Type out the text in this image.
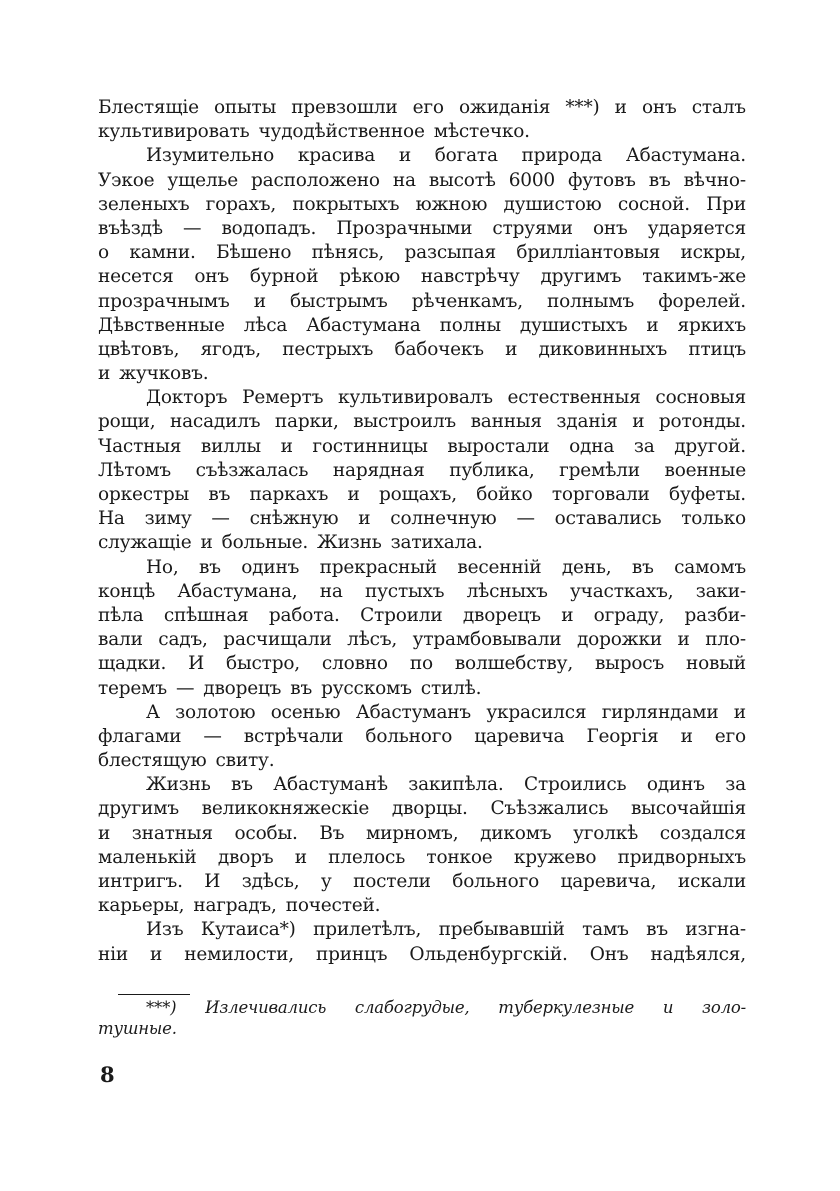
Блестящіе опыты превзошли его ожиданія ***) и онъ сталъ
культивировать чудодѣйственное мѣстечко.
Изумительно красива и богата природа Абастумана.
Уэкое ущелье расположено на высотѣ 6000 футовъ въ вѣчно-
зеленыхъ горахъ, покрытыхъ южною душистою сосной. При
въѣздѣ — водопадъ. Прозрачными струями онъ ударяется
о камни. Бѣшено пѣнясь, разсыпая брилліантовыя искры,
несется онъ бурной рѣкою навстрѣчу другимъ такимъ-же
прозрачнымъ и быстрымъ рѣченкамъ, полнымъ форелей.
Дѣвственные лѣса Абастумана полны душистыхъ и яркихъ
цвѣтовъ, ягодъ, пестрыхъ бабочекъ и диковинныхъ птицъ
и жучковъ.
Докторъ Ремертъ культивировалъ естественныя сосновыя
рощи, насадилъ парки, выстроилъ ванныя зданія и ротонды.
Частныя виллы и гостинницы выростали одна за другой.
Лѣтомъ съѣзжалась нарядная публика, гремѣли военные
оркестры въ паркахъ и рощахъ, бойко торговали буфеты.
На зиму — снѣжную и солнечную — оставались только
служащіе и больные. Жизнь затихала.
Но, въ одинъ прекрасный весенній день, въ самомъ
концѣ Абастумана, на пустыхъ лѣсныхъ участкахъ, заки-
пѣла спѣшная работа. Строили дворецъ и ограду, разби-
вали садъ, расчищали лѣсъ, утрамбовывали дорожки и пло-
щадки. И быстро, словно по волшебству, выросъ новый
теремъ — дворецъ въ русскомъ стилѣ.
А золотою осенью Абастуманъ украсился гирляндами и
флагами — встрѣчали больного царевича Георгія и его
блестящую свиту.
Жизнь въ Абастуманѣ закипѣла. Строились одинъ за
другимъ великокняжескіе дворцы. Съѣзжались высочайшія
и знатныя особы. Въ мирномъ, дикомъ уголкѣ создался
маленькій дворъ и плелось тонкое кружево придворныхъ
интригъ. И здѣсь, у постели больного царевича, искали
карьеры, наградъ, почестей.
Изъ Кутаиса*) прилетѣлъ, пребывавшій тамъ въ изгна-
ніи и немилости, принцъ Ольденбургскій. Онъ надѣялся,
***) Излечивались слабогрудые, туберкулезные и золо-
тушные.
8
